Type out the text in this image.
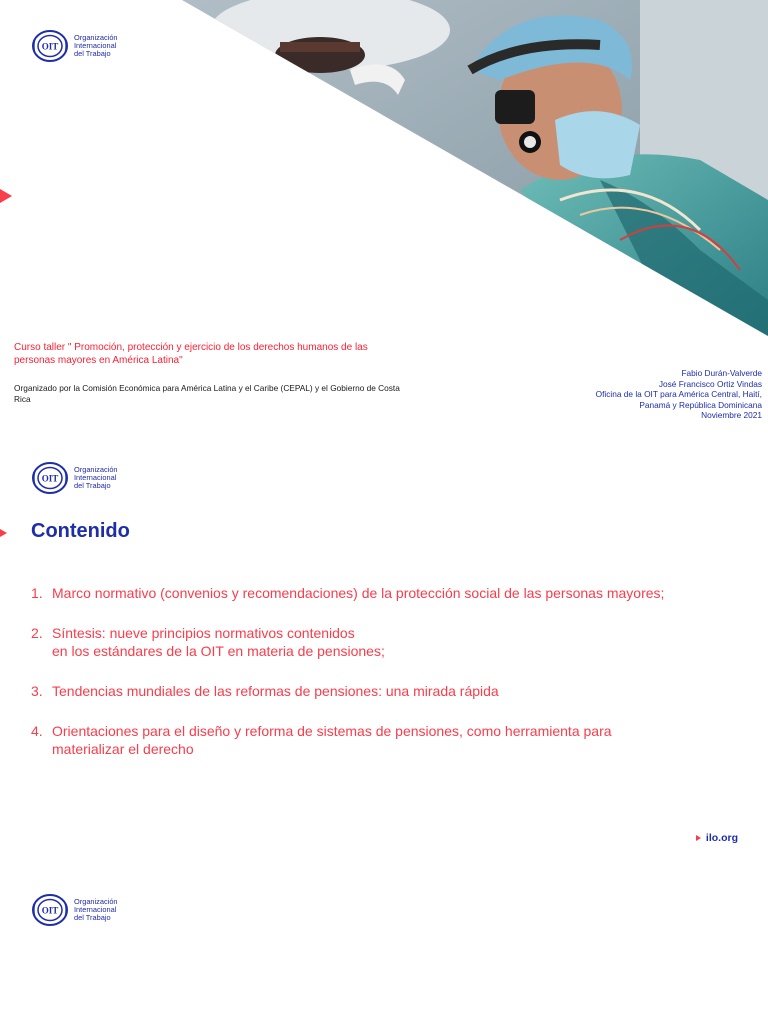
OIT
Organización
Internacional
del Trabajo
Curso taller " Promoción, protección y ejercicio de los derechos humanos de las personas mayores en América Latina"
Organizado por la Comisión Económica para América Latina y el Caribe (CEPAL) y el Gobierno de Costa Rica
Fabio Durán-Valverde
José Francisco Ortiz Vindas
Oficina de la OIT para América Central, Haití,
Panamá y República Dominicana
Noviembre 2021
OIT
Organización
Internacional
del Trabajo
Contenido
1. Marco normativo (convenios y recomendaciones) de la protección social de las personas mayores;
2. Síntesis: nueve principios normativos contenidos
en los estándares de la OIT en materia de pensiones;
3. Tendencias mundiales de las reformas de pensiones: una mirada rápida
4. Orientaciones para el diseño y reforma de sistemas de pensiones, como herramienta para
materializar el derecho
ilo.org
OIT
Organización
Internacional
del Trabajo
